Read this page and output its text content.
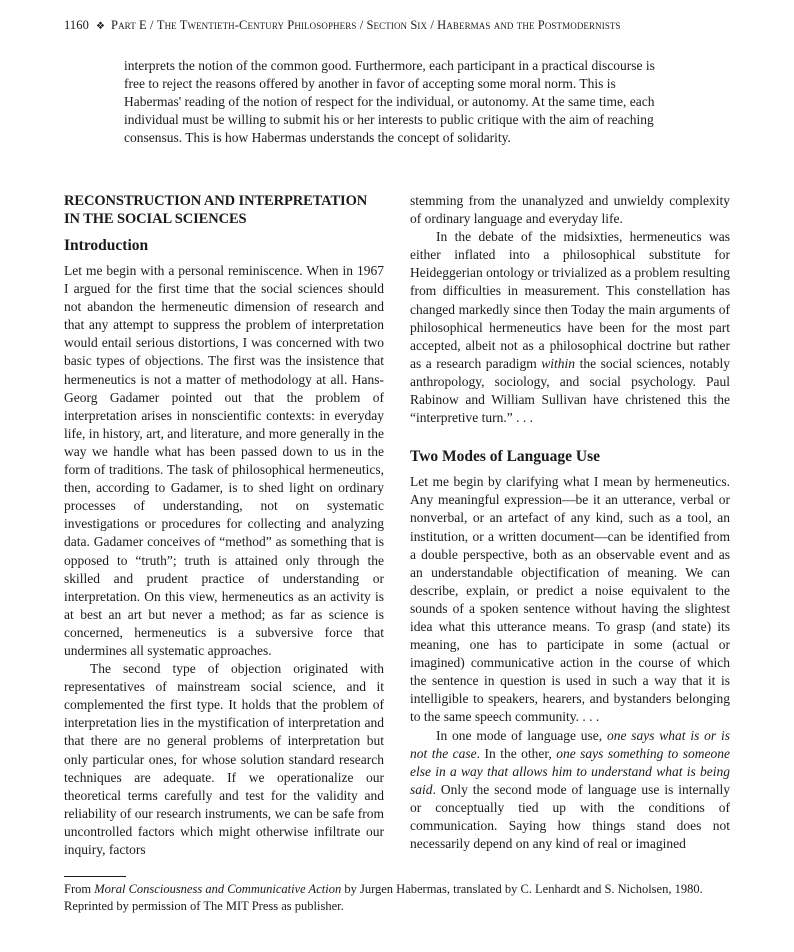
1160 ❖ Part E / The Twentieth-Century Philosophers / Section Six / Habermas and the Postmodernists

interprets the notion of the common good. Furthermore, each participant in a practical discourse is free to reject the reasons offered by another in favor of accepting some moral norm. This is Habermas' reading of the notion of respect for the individual, or autonomy. At the same time, each individual must be willing to submit his or her interests to public critique with the aim of reaching consensus. This is how Habermas understands the concept of solidarity.

RECONSTRUCTION AND INTERPRETATION IN THE SOCIAL SCIENCES
Introduction

Let me begin with a personal reminiscence. When in 1967 I argued for the first time that the social sciences should not abandon the hermeneutic dimension of research and that any attempt to suppress the problem of interpretation would entail serious distortions, I was concerned with two basic types of objections. The first was the insistence that hermeneutics is not a matter of methodology at all. Hans-Georg Gadamer pointed out that the problem of interpretation arises in nonscientific contexts: in everyday life, in history, art, and literature, and more generally in the way we handle what has been passed down to us in the form of traditions. The task of philosophical hermeneutics, then, according to Gadamer, is to shed light on ordinary processes of understanding, not on systematic investigations or procedures for collecting and analyzing data. Gadamer conceives of “method” as something that is opposed to “truth”; truth is attained only through the skilled and prudent practice of understanding or interpretation. On this view, hermeneutics as an activity is at best an art but never a method; as far as science is concerned, hermeneutics is a subversive force that undermines all systematic approaches.

The second type of objection originated with representatives of mainstream social science, and it complemented the first type. It holds that the problem of interpretation lies in the mystification of interpretation and that there are no general problems of interpretation but only particular ones, for whose solution standard research techniques are adequate. If we operationalize our theoretical terms carefully and test for the validity and reliability of our research instruments, we can be safe from uncontrolled factors which might otherwise infiltrate our inquiry, factors

stemming from the unanalyzed and unwieldy complexity of ordinary language and everyday life.

In the debate of the midsixties, hermeneutics was either inflated into a philosophical substitute for Heideggerian ontology or trivialized as a problem resulting from difficulties in measurement. This constellation has changed markedly since then Today the main arguments of philosophical hermeneutics have been for the most part accepted, albeit not as a philosophical doctrine but rather as a research paradigm within the social sciences, notably anthropology, sociology, and social psychology. Paul Rabinow and William Sullivan have christened this the “interpretive turn.” . . .

Two Modes of Language Use

Let me begin by clarifying what I mean by hermeneutics. Any meaningful expression—be it an utterance, verbal or nonverbal, or an artefact of any kind, such as a tool, an institution, or a written document—can be identified from a double perspective, both as an observable event and as an understandable objectification of meaning. We can describe, explain, or predict a noise equivalent to the sounds of a spoken sentence without having the slightest idea what this utterance means. To grasp (and state) its meaning, one has to participate in some (actual or imagined) communicative action in the course of which the sentence in question is used in such a way that it is intelligible to speakers, hearers, and bystanders belonging to the same speech community. . . .

In one mode of language use, one says what is or is not the case. In the other, one says something to someone else in a way that allows him to understand what is being said. Only the second mode of language use is internally or conceptually tied up with the conditions of communication. Saying how things stand does not necessarily depend on any kind of real or imagined

From Moral Consciousness and Communicative Action by Jurgen Habermas, translated by C. Lenhardt and S. Nicholsen, 1980. Reprinted by permission of The MIT Press as publisher.
